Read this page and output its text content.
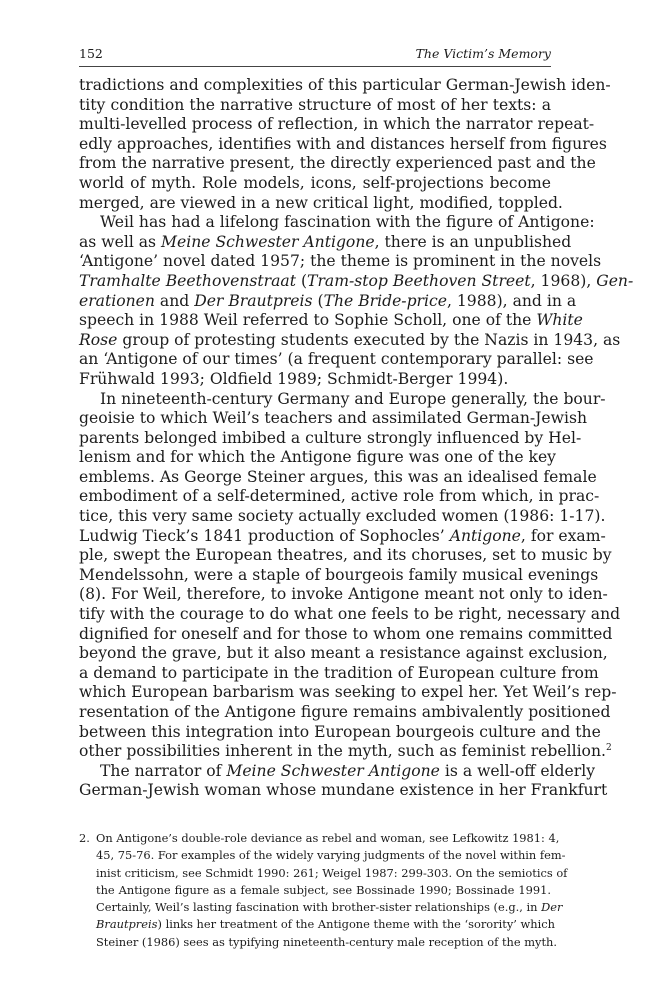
152	The Victim’s Memory
tradictions and complexities of this particular German-Jewish iden-
tity condition the narrative structure of most of her texts: a
multi-levelled process of reflection, in which the narrator repeat-
edly approaches, identifies with and distances herself from figures
from the narrative present, the directly experienced past and the
world of myth. Role models, icons, self-projections become
merged, are viewed in a new critical light, modified, toppled.
Weil has had a lifelong fascination with the figure of Antigone:
as well as Meine Schwester Antigone, there is an unpublished
‘Antigone’ novel dated 1957; the theme is prominent in the novels
Tramhalte Beethovenstraat (Tram-stop Beethoven Street, 1968), Gen-
erationen and Der Brautpreis (The Bride-price, 1988), and in a
speech in 1988 Weil referred to Sophie Scholl, one of the White
Rose group of protesting students executed by the Nazis in 1943, as
an ‘Antigone of our times’ (a frequent contemporary parallel: see
Frühwald 1993; Oldfield 1989; Schmidt-Berger 1994).
In nineteenth-century Germany and Europe generally, the bour-
geoisie to which Weil’s teachers and assimilated German-Jewish
parents belonged imbibed a culture strongly influenced by Hel-
lenism and for which the Antigone figure was one of the key
emblems. As George Steiner argues, this was an idealised female
embodiment of a self-determined, active role from which, in prac-
tice, this very same society actually excluded women (1986: 1-17).
Ludwig Tieck’s 1841 production of Sophocles’ Antigone, for exam-
ple, swept the European theatres, and its choruses, set to music by
Mendelssohn, were a staple of bourgeois family musical evenings
(8). For Weil, therefore, to invoke Antigone meant not only to iden-
tify with the courage to do what one feels to be right, necessary and
dignified for oneself and for those to whom one remains committed
beyond the grave, but it also meant a resistance against exclusion,
a demand to participate in the tradition of European culture from
which European barbarism was seeking to expel her. Yet Weil’s rep-
resentation of the Antigone figure remains ambivalently positioned
between this integration into European bourgeois culture and the
other possibilities inherent in the myth, such as feminist rebellion.$^2$
The narrator of Meine Schwester Antigone is a well-off elderly
German-Jewish woman whose mundane existence in her Frankfurt
2. On Antigone’s double-role deviance as rebel and woman, see Lefkowitz 1981: 4,
45, 75-76. For examples of the widely varying judgments of the novel within fem-
inist criticism, see Schmidt 1990: 261; Weigel 1987: 299-303. On the semiotics of
the Antigone figure as a female subject, see Bossinade 1990; Bossinade 1991.
Certainly, Weil’s lasting fascination with brother-sister relationships (e.g., in Der
Brautpreis) links her treatment of the Antigone theme with the ‘sorority’ which
Steiner (1986) sees as typifying nineteenth-century male reception of the myth.
